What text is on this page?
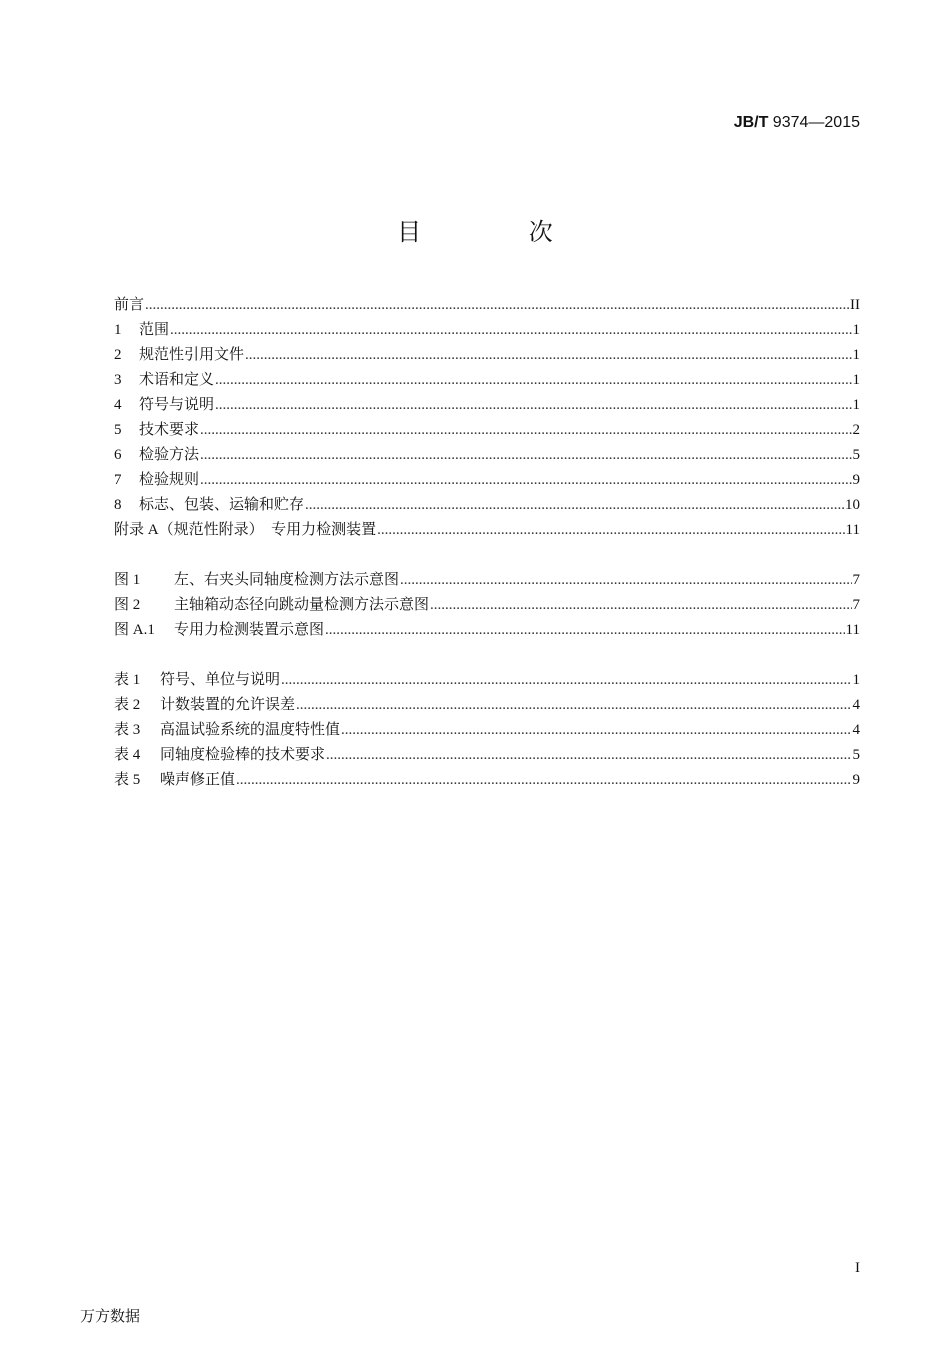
JB/T 9374—2015
目 次
前言 .....	II
1 范围 .....	1
2 规范性引用文件 .....	1
3 术语和定义 .....	1
4 符号与说明 .....	1
5 技术要求 .....	2
6 检验方法 .....	5
7 检验规则 .....	9
8 标志、包装、运输和贮存 .....	10
附录 A（规范性附录）　专用力检测装置 .....	11
图 1 左、右夹头同轴度检测方法示意图 .....	7
图 2 主轴箱动态径向跳动量检测方法示意图 .....	7
图 A.1 专用力检测装置示意图 .....	11
表 1 符号、单位与说明 .....	1
表 2 计数装置的允许误差 .....	4
表 3 高温试验系统的温度特性值 .....	4
表 4 同轴度检验棒的技术要求 .....	5
表 5 噪声修正值 .....	9
I
万方数据
